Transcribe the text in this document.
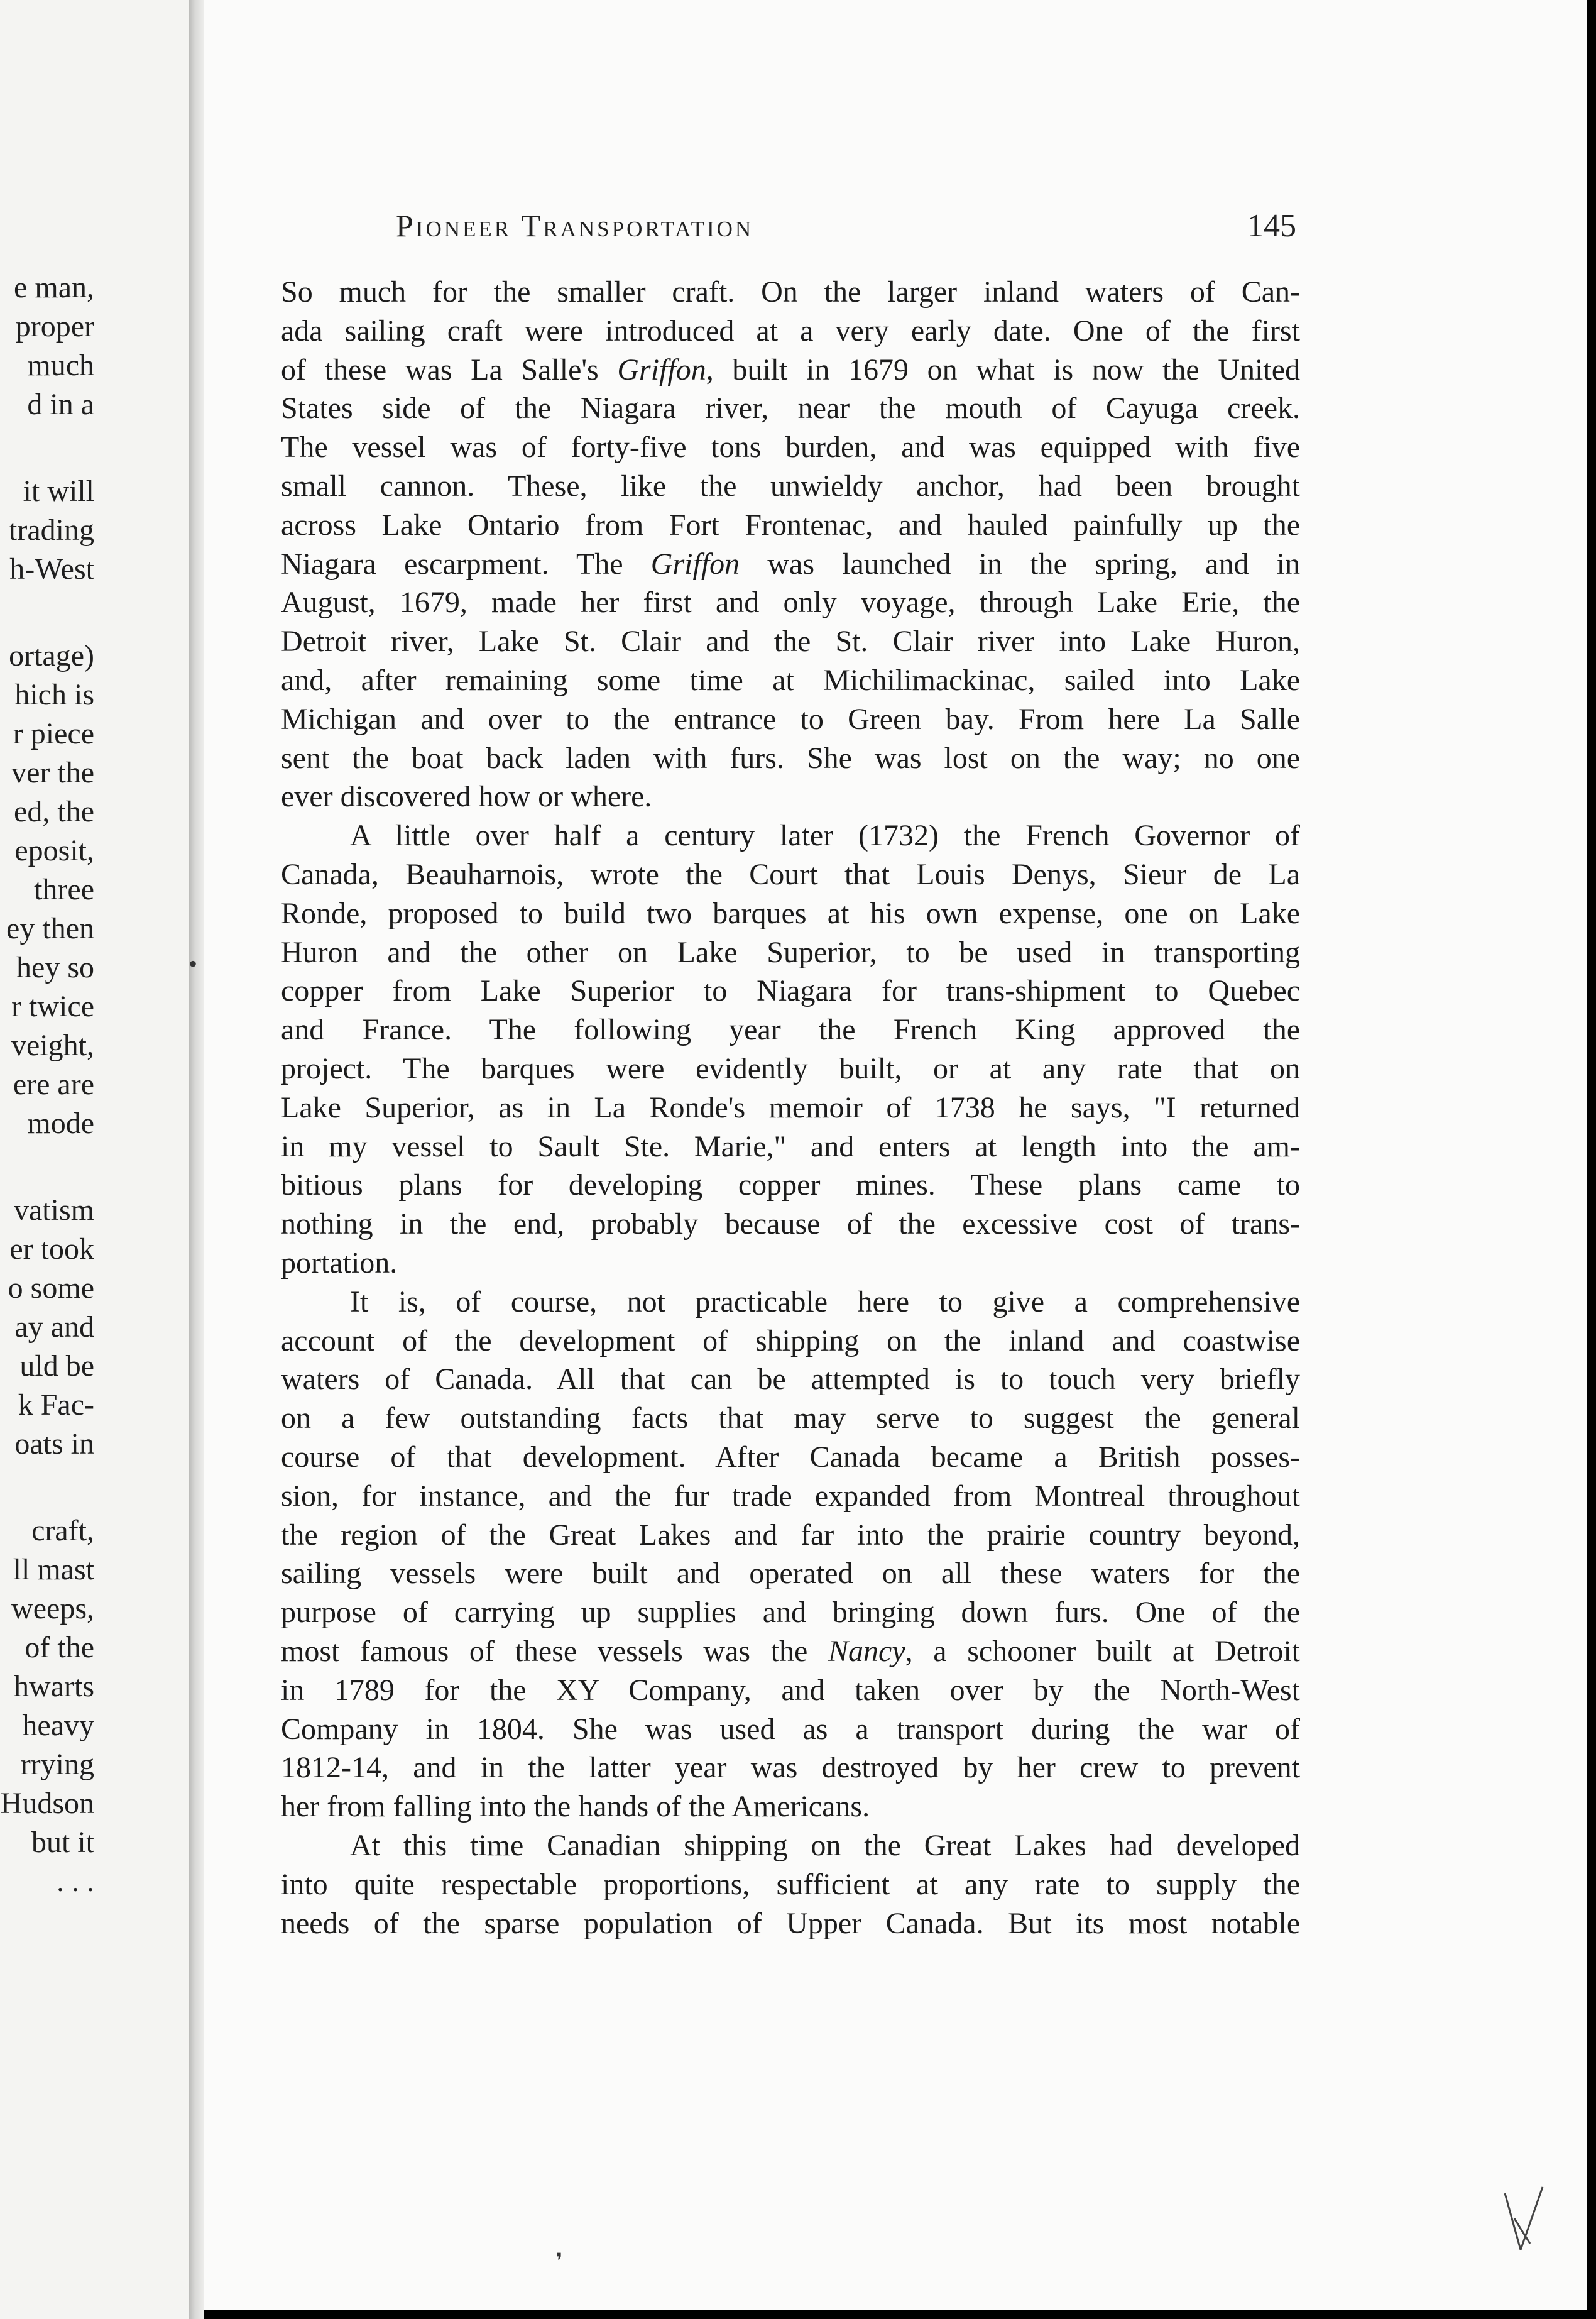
e man,
proper
much
d in a
it will
trading
h-West
ortage)
hich is
r piece
ver the
ed, the
eposit,
three
ey then
hey so
r twice
veight,
ere are
mode
vatism
er took
o some
ay and
uld be
k Fac-
oats in
craft,
ll mast
weeps,
of the
hwarts
heavy
rrying
Hudson
but it
. . .
•
Pioneer Transportation	145
So much for the smaller craft. On the larger inland waters of Can-
ada sailing craft were introduced at a very early date. One of the first
of these was La Salle's Griffon, built in 1679 on what is now the United
States side of the Niagara river, near the mouth of Cayuga creek.
The vessel was of forty-five tons burden, and was equipped with five
small cannon. These, like the unwieldy anchor, had been brought
across Lake Ontario from Fort Frontenac, and hauled painfully up the
Niagara escarpment. The Griffon was launched in the spring, and in
August, 1679, made her first and only voyage, through Lake Erie, the
Detroit river, Lake St. Clair and the St. Clair river into Lake Huron,
and, after remaining some time at Michilimackinac, sailed into Lake
Michigan and over to the entrance to Green bay. From here La Salle
sent the boat back laden with furs. She was lost on the way; no one
ever discovered how or where.
A little over half a century later (1732) the French Governor of
Canada, Beauharnois, wrote the Court that Louis Denys, Sieur de La
Ronde, proposed to build two barques at his own expense, one on Lake
Huron and the other on Lake Superior, to be used in transporting
copper from Lake Superior to Niagara for trans-shipment to Quebec
and France. The following year the French King approved the
project. The barques were evidently built, or at any rate that on
Lake Superior, as in La Ronde's memoir of 1738 he says, "I returned
in my vessel to Sault Ste. Marie," and enters at length into the am-
bitious plans for developing copper mines. These plans came to
nothing in the end, probably because of the excessive cost of trans-
portation.
It is, of course, not practicable here to give a comprehensive
account of the development of shipping on the inland and coastwise
waters of Canada. All that can be attempted is to touch very briefly
on a few outstanding facts that may serve to suggest the general
course of that development. After Canada became a British posses-
sion, for instance, and the fur trade expanded from Montreal throughout
the region of the Great Lakes and far into the prairie country beyond,
sailing vessels were built and operated on all these waters for the
purpose of carrying up supplies and bringing down furs. One of the
most famous of these vessels was the Nancy, a schooner built at Detroit
in 1789 for the XY Company, and taken over by the North-West
Company in 1804. She was used as a transport during the war of
1812-14, and in the latter year was destroyed by her crew to prevent
her from falling into the hands of the Americans.
At this time Canadian shipping on the Great Lakes had developed
into quite respectable proportions, sufficient at any rate to supply the
needs of the sparse population of Upper Canada. But its most notable
❜
